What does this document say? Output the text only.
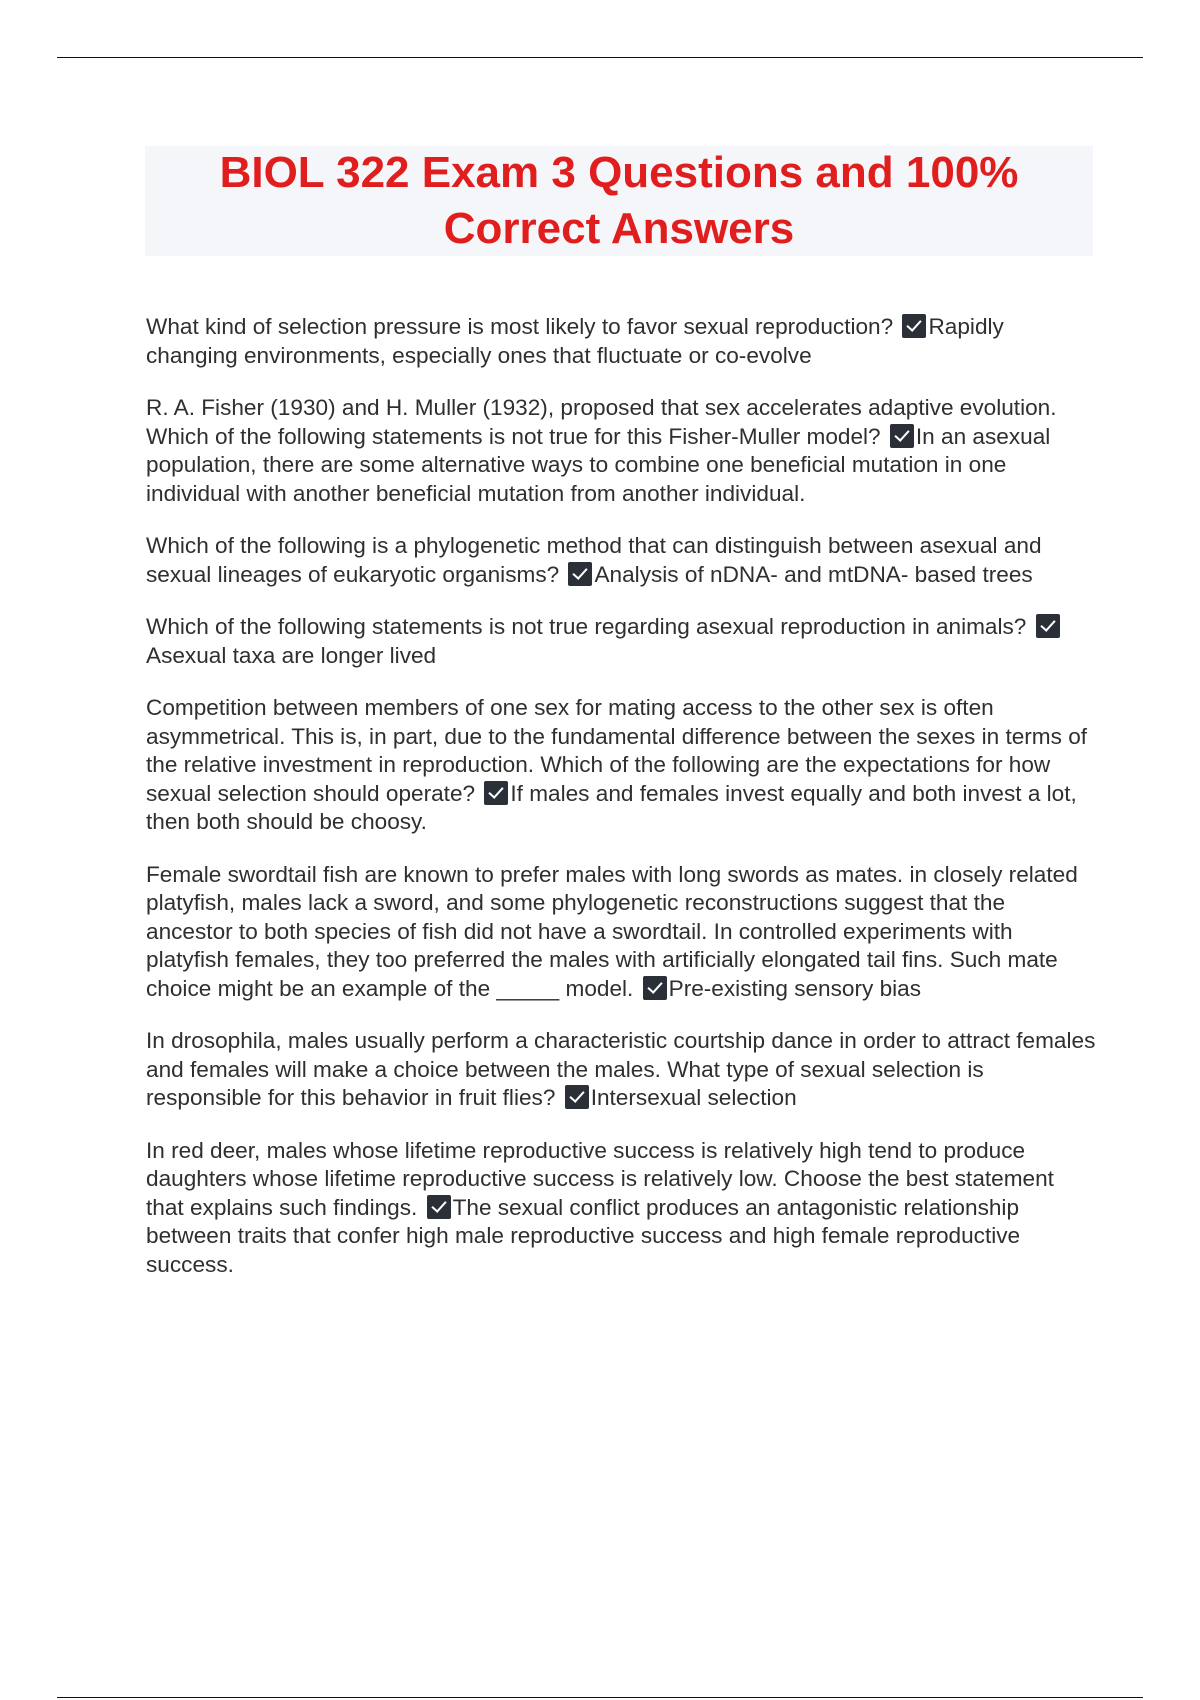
BIOL 322 Exam 3 Questions and 100% Correct Answers

What kind of selection pressure is most likely to favor sexual reproduction? Rapidly changing environments, especially ones that fluctuate or co-evolve

R. A. Fisher (1930) and H. Muller (1932), proposed that sex accelerates adaptive evolution. Which of the following statements is not true for this Fisher-Muller model? In an asexual population, there are some alternative ways to combine one beneficial mutation in one individual with another beneficial mutation from another individual.

Which of the following is a phylogenetic method that can distinguish between asexual and sexual lineages of eukaryotic organisms? Analysis of nDNA- and mtDNA- based trees

Which of the following statements is not true regarding asexual reproduction in animals? Asexual taxa are longer lived

Competition between members of one sex for mating access to the other sex is often asymmetrical. This is, in part, due to the fundamental difference between the sexes in terms of the relative investment in reproduction. Which of the following are the expectations for how sexual selection should operate? If males and females invest equally and both invest a lot, then both should be choosy.

Female swordtail fish are known to prefer males with long swords as mates. in closely related platyfish, males lack a sword, and some phylogenetic reconstructions suggest that the ancestor to both species of fish did not have a swordtail. In controlled experiments with platyfish females, they too preferred the males with artificially elongated tail fins. Such mate choice might be an example of the _____ model. Pre-existing sensory bias

In drosophila, males usually perform a characteristic courtship dance in order to attract females and females will make a choice between the males. What type of sexual selection is responsible for this behavior in fruit flies? Intersexual selection

In red deer, males whose lifetime reproductive success is relatively high tend to produce daughters whose lifetime reproductive success is relatively low. Choose the best statement that explains such findings. The sexual conflict produces an antagonistic relationship between traits that confer high male reproductive success and high female reproductive success.
